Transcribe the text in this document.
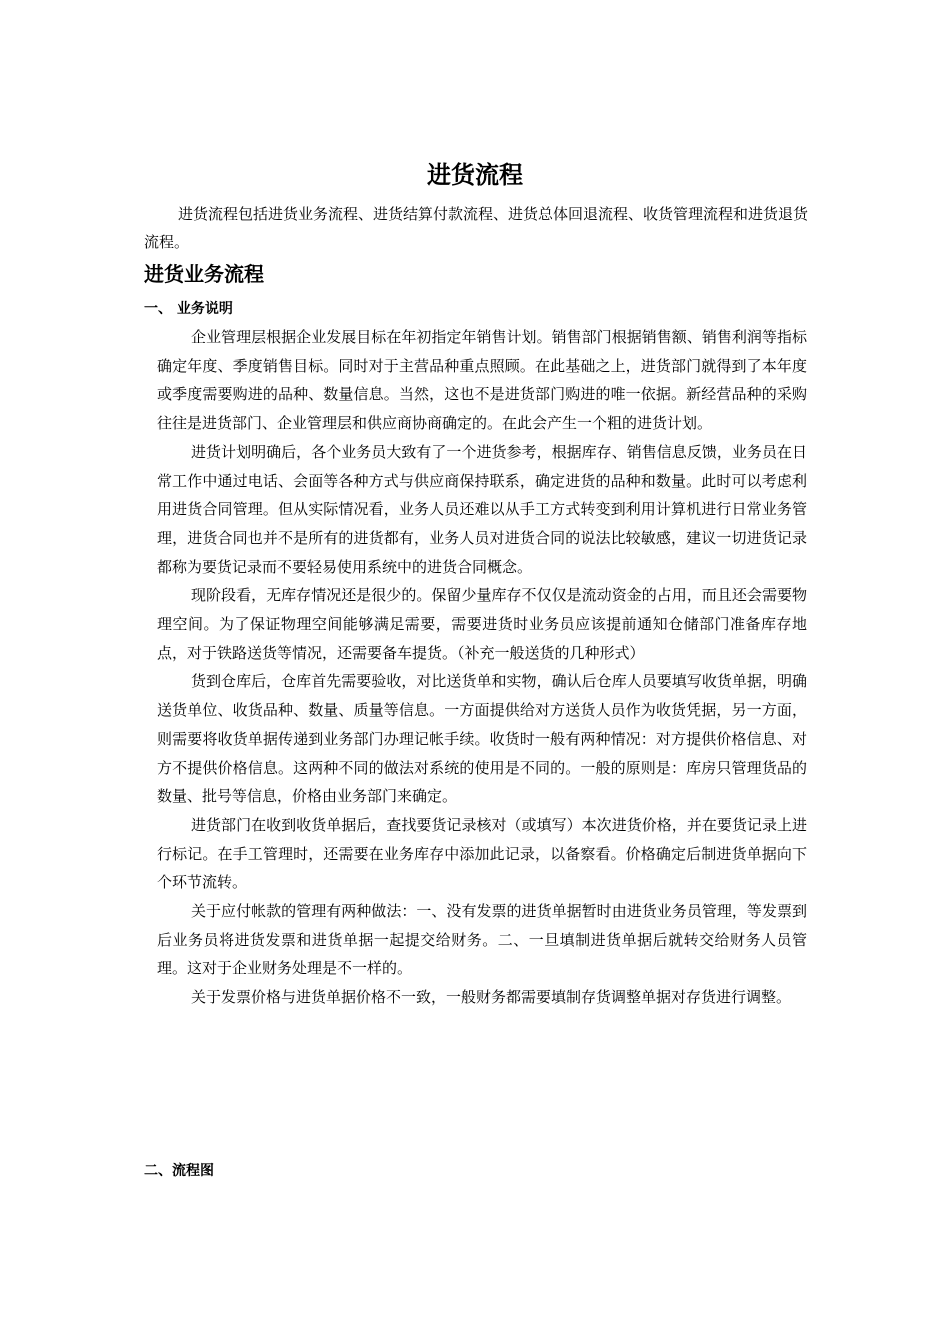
进货流程

进货流程包括进货业务流程、进货结算付款流程、进货总体回退流程、收货管理流程和进货退货流程。

进货业务流程
一、 业务说明

企业管理层根据企业发展目标在年初指定年销售计划。销售部门根据销售额、销售利润等指标确定年度、季度销售目标。同时对于主营品种重点照顾。在此基础之上，进货部门就得到了本年度或季度需要购进的品种、数量信息。当然，这也不是进货部门购进的唯一依据。新经营品种的采购往往是进货部门、企业管理层和供应商协商确定的。在此会产生一个粗的进货计划。

进货计划明确后，各个业务员大致有了一个进货参考，根据库存、销售信息反馈，业务员在日常工作中通过电话、会面等各种方式与供应商保持联系，确定进货的品种和数量。此时可以考虑利用进货合同管理。但从实际情况看，业务人员还难以从手工方式转变到利用计算机进行日常业务管理，进货合同也并不是所有的进货都有，业务人员对进货合同的说法比较敏感，建议一切进货记录都称为要货记录而不要轻易使用系统中的进货合同概念。

现阶段看，无库存情况还是很少的。保留少量库存不仅仅是流动资金的占用，而且还会需要物理空间。为了保证物理空间能够满足需要，需要进货时业务员应该提前通知仓储部门准备库存地点，对于铁路送货等情况，还需要备车提货。（补充一般送货的几种形式）

货到仓库后，仓库首先需要验收，对比送货单和实物，确认后仓库人员要填写收货单据，明确送货单位、收货品种、数量、质量等信息。一方面提供给对方送货人员作为收货凭据，另一方面，则需要将收货单据传递到业务部门办理记帐手续。收货时一般有两种情况：对方提供价格信息、对方不提供价格信息。这两种不同的做法对系统的使用是不同的。一般的原则是：库房只管理货品的数量、批号等信息，价格由业务部门来确定。

进货部门在收到收货单据后，查找要货记录核对（或填写）本次进货价格，并在要货记录上进行标记。在手工管理时，还需要在业务库存中添加此记录，以备察看。价格确定后制进货单据向下个环节流转。

关于应付帐款的管理有两种做法：一、没有发票的进货单据暂时由进货业务员管理，等发票到后业务员将进货发票和进货单据一起提交给财务。二、一旦填制进货单据后就转交给财务人员管理。这对于企业财务处理是不一样的。

关于发票价格与进货单据价格不一致，一般财务都需要填制存货调整单据对存货进行调整。

二、流程图
